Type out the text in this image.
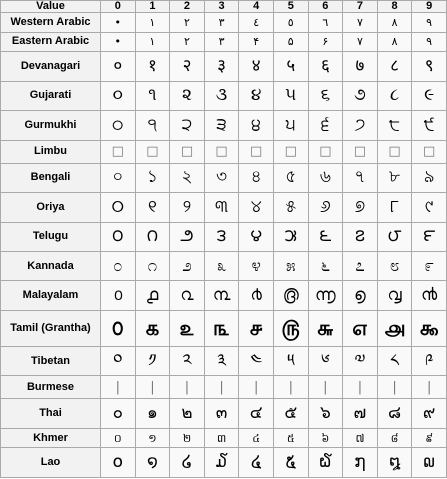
Value	0	1	2	3	4	5	6	7	8	9
Western Arabic	•	١	٢	٣	٤	٥	٦	٧	٨	٩
Eastern Arabic	•	۱	۲	۳	۴	۵	۶	۷	۸	۹
Devanagari	०	१	२	३	४	५	६	७	८	९
Gujarati	૦	૧	૨	૩	૪	૫	૬	૭	૮	૯
Gurmukhi	੦	੧	੨	੩	੪	੫	੬	੭	੮	੯
Limbu	□	□	□	□	□	□	□	□	□	□
Bengali	০	১	২	৩	৪	৫	৬	৭	৮	৯
Oriya	୦	୧	୨	୩	୪	୫	୬	୭	୮	୯
Telugu	౦	౧	౨	౩	౪	౫	౬	౭	౮	౯
Kannada	೦	೧	೨	೩	೪	೫	೬	೭	೮	೯
Malayalam	൦	൧	൨	൩	൪	൫	൬	൭	൮	൯
Tamil (Grantha)	௦	௧	௨	௩	௪	௫	௬	௭	௮	௯
Tibetan	༠	༡	༢	༣	༤	༥	༦	༧	༨	༩
Burmese	|	|	|	|	|	|	|	|	|	|
Thai	๐	๑	๒	๓	๔	๕	๖	๗	๘	๙
Khmer	០	១	២	៣	៤	៥	៦	៧	៨	៩
Lao	໐	໑	໒	໓	໔	໕	໖	໗	໘	໙
